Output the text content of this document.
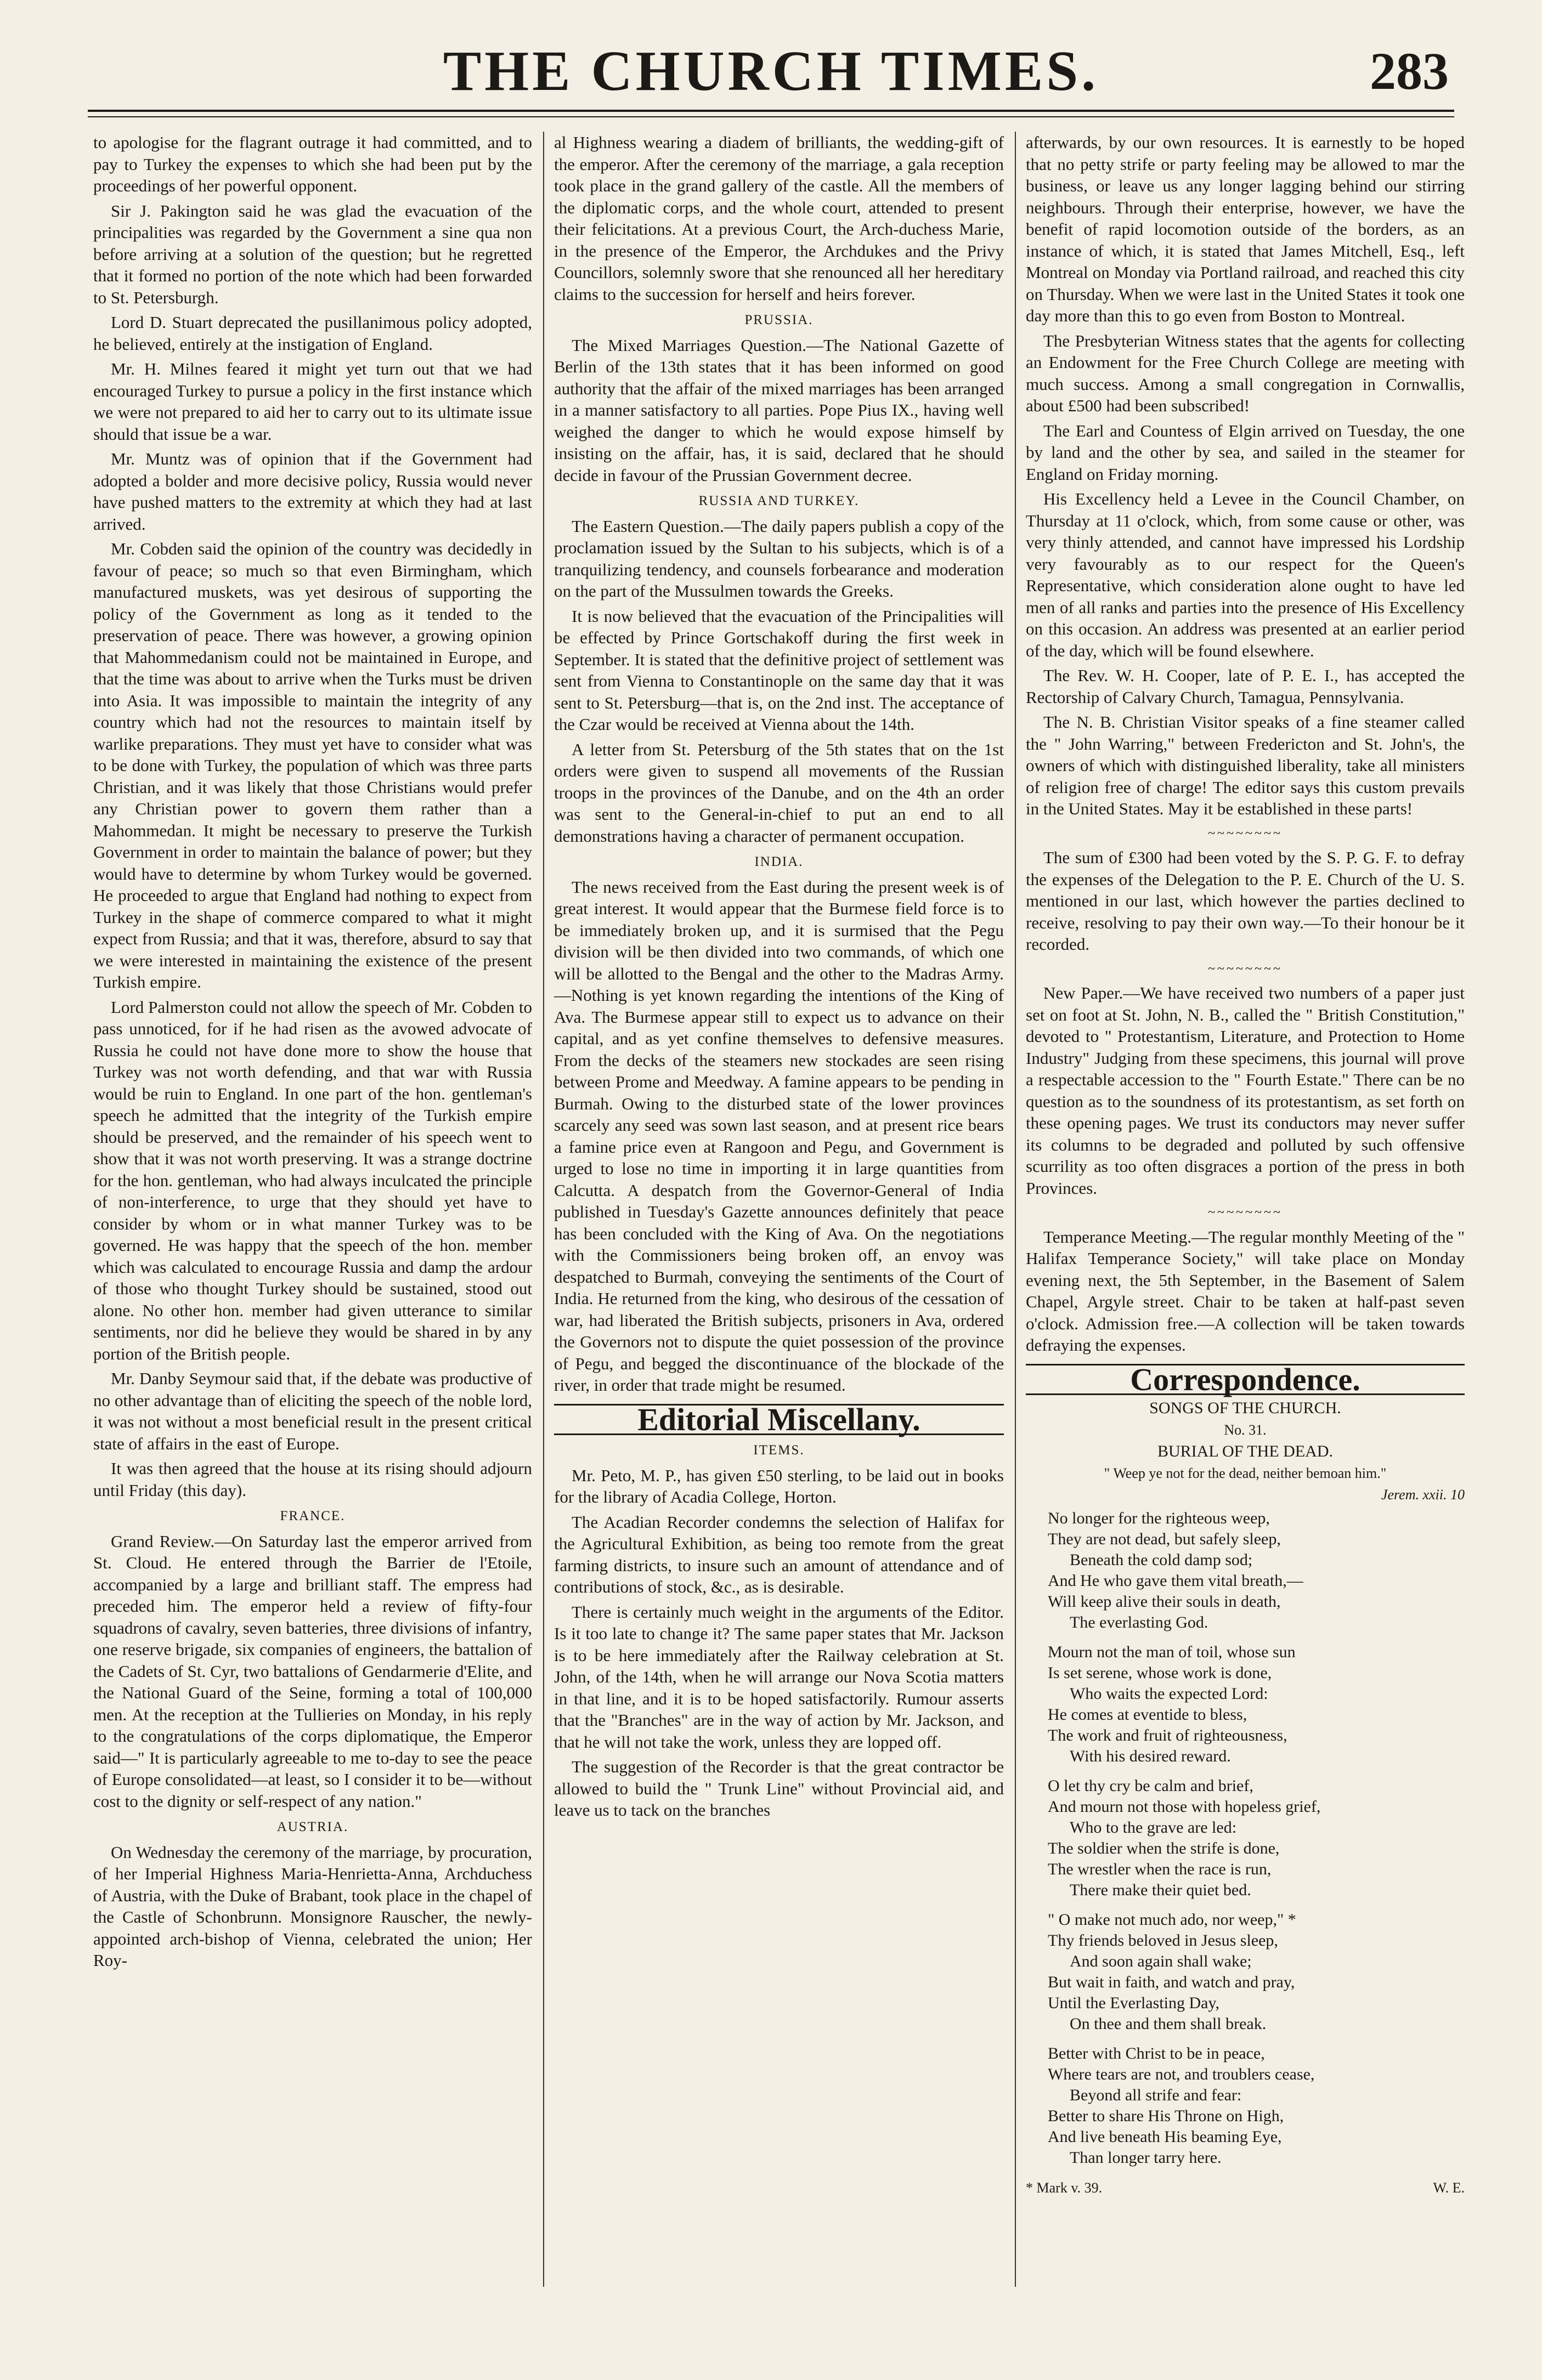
THE CHURCH TIMES.	283

to apologise for the flagrant outrage it had committed, and to pay to Turkey the expenses to which she had been put by the proceedings of her powerful opponent.

Sir J. Pakington said he was glad the evacuation of the principalities was regarded by the Government a sine qua non before arriving at a solution of the question; but he regretted that it formed no portion of the note which had been forwarded to St. Petersburgh.

Lord D. Stuart deprecated the pusillanimous policy adopted, he believed, entirely at the instigation of England.

Mr. H. Milnes feared it might yet turn out that we had encouraged Turkey to pursue a policy in the first instance which we were not prepared to aid her to carry out to its ultimate issue should that issue be a war.

Mr. Muntz was of opinion that if the Government had adopted a bolder and more decisive policy, Russia would never have pushed matters to the extremity at which they had at last arrived.

Mr. Cobden said the opinion of the country was decidedly in favour of peace; so much so that even Birmingham, which manufactured muskets, was yet desirous of supporting the policy of the Government as long as it tended to the preservation of peace. There was however, a growing opinion that Mahommedanism could not be maintained in Europe, and that the time was about to arrive when the Turks must be driven into Asia. It was impossible to maintain the integrity of any country which had not the resources to maintain itself by warlike preparations. They must yet have to consider what was to be done with Turkey, the population of which was three parts Christian, and it was likely that those Christians would prefer any Christian power to govern them rather than a Mahommedan. It might be necessary to preserve the Turkish Government in order to maintain the balance of power; but they would have to determine by whom Turkey would be governed. He proceeded to argue that England had nothing to expect from Turkey in the shape of commerce compared to what it might expect from Russia; and that it was, therefore, absurd to say that we were interested in maintaining the existence of the present Turkish empire.

Lord Palmerston could not allow the speech of Mr. Cobden to pass unnoticed, for if he had risen as the avowed advocate of Russia he could not have done more to show the house that Turkey was not worth defending, and that war with Russia would be ruin to England. In one part of the hon. gentleman's speech he admitted that the integrity of the Turkish empire should be preserved, and the remainder of his speech went to show that it was not worth preserving. It was a strange doctrine for the hon. gentleman, who had always inculcated the principle of non-interference, to urge that they should yet have to consider by whom or in what manner Turkey was to be governed. He was happy that the speech of the hon. member which was calculated to encourage Russia and damp the ardour of those who thought Turkey should be sustained, stood out alone. No other hon. member had given utterance to similar sentiments, nor did he believe they would be shared in by any portion of the British people.

Mr. Danby Seymour said that, if the debate was productive of no other advantage than of eliciting the speech of the noble lord, it was not without a most beneficial result in the present critical state of affairs in the east of Europe.

It was then agreed that the house at its rising should adjourn until Friday (this day).

FRANCE.

Grand Review.—On Saturday last the emperor arrived from St. Cloud. He entered through the Barrier de l'Etoile, accompanied by a large and brilliant staff. The empress had preceded him. The emperor held a review of fifty-four squadrons of cavalry, seven batteries, three divisions of infantry, one reserve brigade, six companies of engineers, the battalion of the Cadets of St. Cyr, two battalions of Gendarmerie d'Elite, and the National Guard of the Seine, forming a total of 100,000 men. At the reception at the Tullieries on Monday, in his reply to the congratulations of the corps diplomatique, the Emperor said—" It is particularly agreeable to me to-day to see the peace of Europe consolidated—at least, so I consider it to be—without cost to the dignity or self-respect of any nation."

AUSTRIA.

On Wednesday the ceremony of the marriage, by procuration, of her Imperial Highness Maria-Henrietta-Anna, Archduchess of Austria, with the Duke of Brabant, took place in the chapel of the Castle of Schonbrunn. Monsignore Rauscher, the newly-appointed arch-bishop of Vienna, celebrated the union; Her Roy-

al Highness wearing a diadem of brilliants, the wedding-gift of the emperor. After the ceremony of the marriage, a gala reception took place in the grand gallery of the castle. All the members of the diplomatic corps, and the whole court, attended to present their felicitations. At a previous Court, the Arch-duchess Marie, in the presence of the Emperor, the Archdukes and the Privy Councillors, solemnly swore that she renounced all her hereditary claims to the succession for herself and heirs forever.

PRUSSIA.

The Mixed Marriages Question.—The National Gazette of Berlin of the 13th states that it has been informed on good authority that the affair of the mixed marriages has been arranged in a manner satisfactory to all parties. Pope Pius IX., having well weighed the danger to which he would expose himself by insisting on the affair, has, it is said, declared that he should decide in favour of the Prussian Government decree.

RUSSIA AND TURKEY.

The Eastern Question.—The daily papers publish a copy of the proclamation issued by the Sultan to his subjects, which is of a tranquilizing tendency, and counsels forbearance and moderation on the part of the Mussulmen towards the Greeks.

It is now believed that the evacuation of the Principalities will be effected by Prince Gortschakoff during the first week in September. It is stated that the definitive project of settlement was sent from Vienna to Constantinople on the same day that it was sent to St. Petersburg—that is, on the 2nd inst. The acceptance of the Czar would be received at Vienna about the 14th.

A letter from St. Petersburg of the 5th states that on the 1st orders were given to suspend all movements of the Russian troops in the provinces of the Danube, and on the 4th an order was sent to the General-in-chief to put an end to all demonstrations having a character of permanent occupation.

INDIA.

The news received from the East during the present week is of great interest. It would appear that the Burmese field force is to be immediately broken up, and it is surmised that the Pegu division will be then divided into two commands, of which one will be allotted to the Bengal and the other to the Madras Army.—Nothing is yet known regarding the intentions of the King of Ava. The Burmese appear still to expect us to advance on their capital, and as yet confine themselves to defensive measures. From the decks of the steamers new stockades are seen rising between Prome and Meedway. A famine appears to be pending in Burmah. Owing to the disturbed state of the lower provinces scarcely any seed was sown last season, and at present rice bears a famine price even at Rangoon and Pegu, and Government is urged to lose no time in importing it in large quantities from Calcutta. A despatch from the Governor-General of India published in Tuesday's Gazette announces definitely that peace has been concluded with the King of Ava. On the negotiations with the Commissioners being broken off, an envoy was despatched to Burmah, conveying the sentiments of the Court of India. He returned from the king, who desirous of the cessation of war, had liberated the British subjects, prisoners in Ava, ordered the Governors not to dispute the quiet possession of the province of Pegu, and begged the discontinuance of the blockade of the river, in order that trade might be resumed.

Editorial Miscellany.
ITEMS.

Mr. Peto, M. P., has given £50 sterling, to be laid out in books for the library of Acadia College, Horton.

The Acadian Recorder condemns the selection of Halifax for the Agricultural Exhibition, as being too remote from the great farming districts, to insure such an amount of attendance and of contributions of stock, &c., as is desirable.

There is certainly much weight in the arguments of the Editor. Is it too late to change it? The same paper states that Mr. Jackson is to be here immediately after the Railway celebration at St. John, of the 14th, when he will arrange our Nova Scotia matters in that line, and it is to be hoped satisfactorily. Rumour asserts that the "Branches" are in the way of action by Mr. Jackson, and that he will not take the work, unless they are lopped off.

The suggestion of the Recorder is that the great contractor be allowed to build the " Trunk Line" without Provincial aid, and leave us to tack on the branches

afterwards, by our own resources. It is earnestly to be hoped that no petty strife or party feeling may be allowed to mar the business, or leave us any longer lagging behind our stirring neighbours. Through their enterprise, however, we have the benefit of rapid locomotion outside of the borders, as an instance of which, it is stated that James Mitchell, Esq., left Montreal on Monday via Portland railroad, and reached this city on Thursday. When we were last in the United States it took one day more than this to go even from Boston to Montreal.

The Presbyterian Witness states that the agents for collecting an Endowment for the Free Church College are meeting with much success. Among a small congregation in Cornwallis, about £500 had been subscribed!

The Earl and Countess of Elgin arrived on Tuesday, the one by land and the other by sea, and sailed in the steamer for England on Friday morning.

His Excellency held a Levee in the Council Chamber, on Thursday at 11 o'clock, which, from some cause or other, was very thinly attended, and cannot have impressed his Lordship very favourably as to our respect for the Queen's Representative, which consideration alone ought to have led men of all ranks and parties into the presence of His Excellency on this occasion. An address was presented at an earlier period of the day, which will be found elsewhere.

The Rev. W. H. Cooper, late of P. E. I., has accepted the Rectorship of Calvary Church, Tamagua, Pennsylvania.

The N. B. Christian Visitor speaks of a fine steamer called the " John Warring," between Fredericton and St. John's, the owners of which with distinguished liberality, take all ministers of religion free of charge! The editor says this custom prevails in the United States. May it be established in these parts!

~~~~~~~~

The sum of £300 had been voted by the S. P. G. F. to defray the expenses of the Delegation to the P. E. Church of the U. S. mentioned in our last, which however the parties declined to receive, resolving to pay their own way.—To their honour be it recorded.

~~~~~~~~

New Paper.—We have received two numbers of a paper just set on foot at St. John, N. B., called the " British Constitution," devoted to " Protestantism, Literature, and Protection to Home Industry" Judging from these specimens, this journal will prove a respectable accession to the " Fourth Estate." There can be no question as to the soundness of its protestantism, as set forth on these opening pages. We trust its conductors may never suffer its columns to be degraded and polluted by such offensive scurrility as too often disgraces a portion of the press in both Provinces.

~~~~~~~~

Temperance Meeting.—The regular monthly Meeting of the " Halifax Temperance Society," will take place on Monday evening next, the 5th September, in the Basement of Salem Chapel, Argyle street. Chair to be taken at half-past seven o'clock. Admission free.—A collection will be taken towards defraying the expenses.

Correspondence.
SONGS OF THE CHURCH.
No. 31.
BURIAL OF THE DEAD.
" Weep ye not for the dead, neither bemoan him."
Jerem. xxii. 10
No longer for the righteous weep,
They are not dead, but safely sleep,
Beneath the cold damp sod;
And He who gave them vital breath,—
Will keep alive their souls in death,
The everlasting God.
Mourn not the man of toil, whose sun
Is set serene, whose work is done,
Who waits the expected Lord:
He comes at eventide to bless,
The work and fruit of righteousness,
With his desired reward.
O let thy cry be calm and brief,
And mourn not those with hopeless grief,
Who to the grave are led:
The soldier when the strife is done,
The wrestler when the race is run,
There make their quiet bed.
" O make not much ado, nor weep," *
Thy friends beloved in Jesus sleep,
And soon again shall wake;
But wait in faith, and watch and pray,
Until the Everlasting Day,
On thee and them shall break.
Better with Christ to be in peace,
Where tears are not, and troublers cease,
Beyond all strife and fear:
Better to share His Throne on High,
And live beneath His beaming Eye,
Than longer tarry here.
* Mark v. 39.	W. E.
